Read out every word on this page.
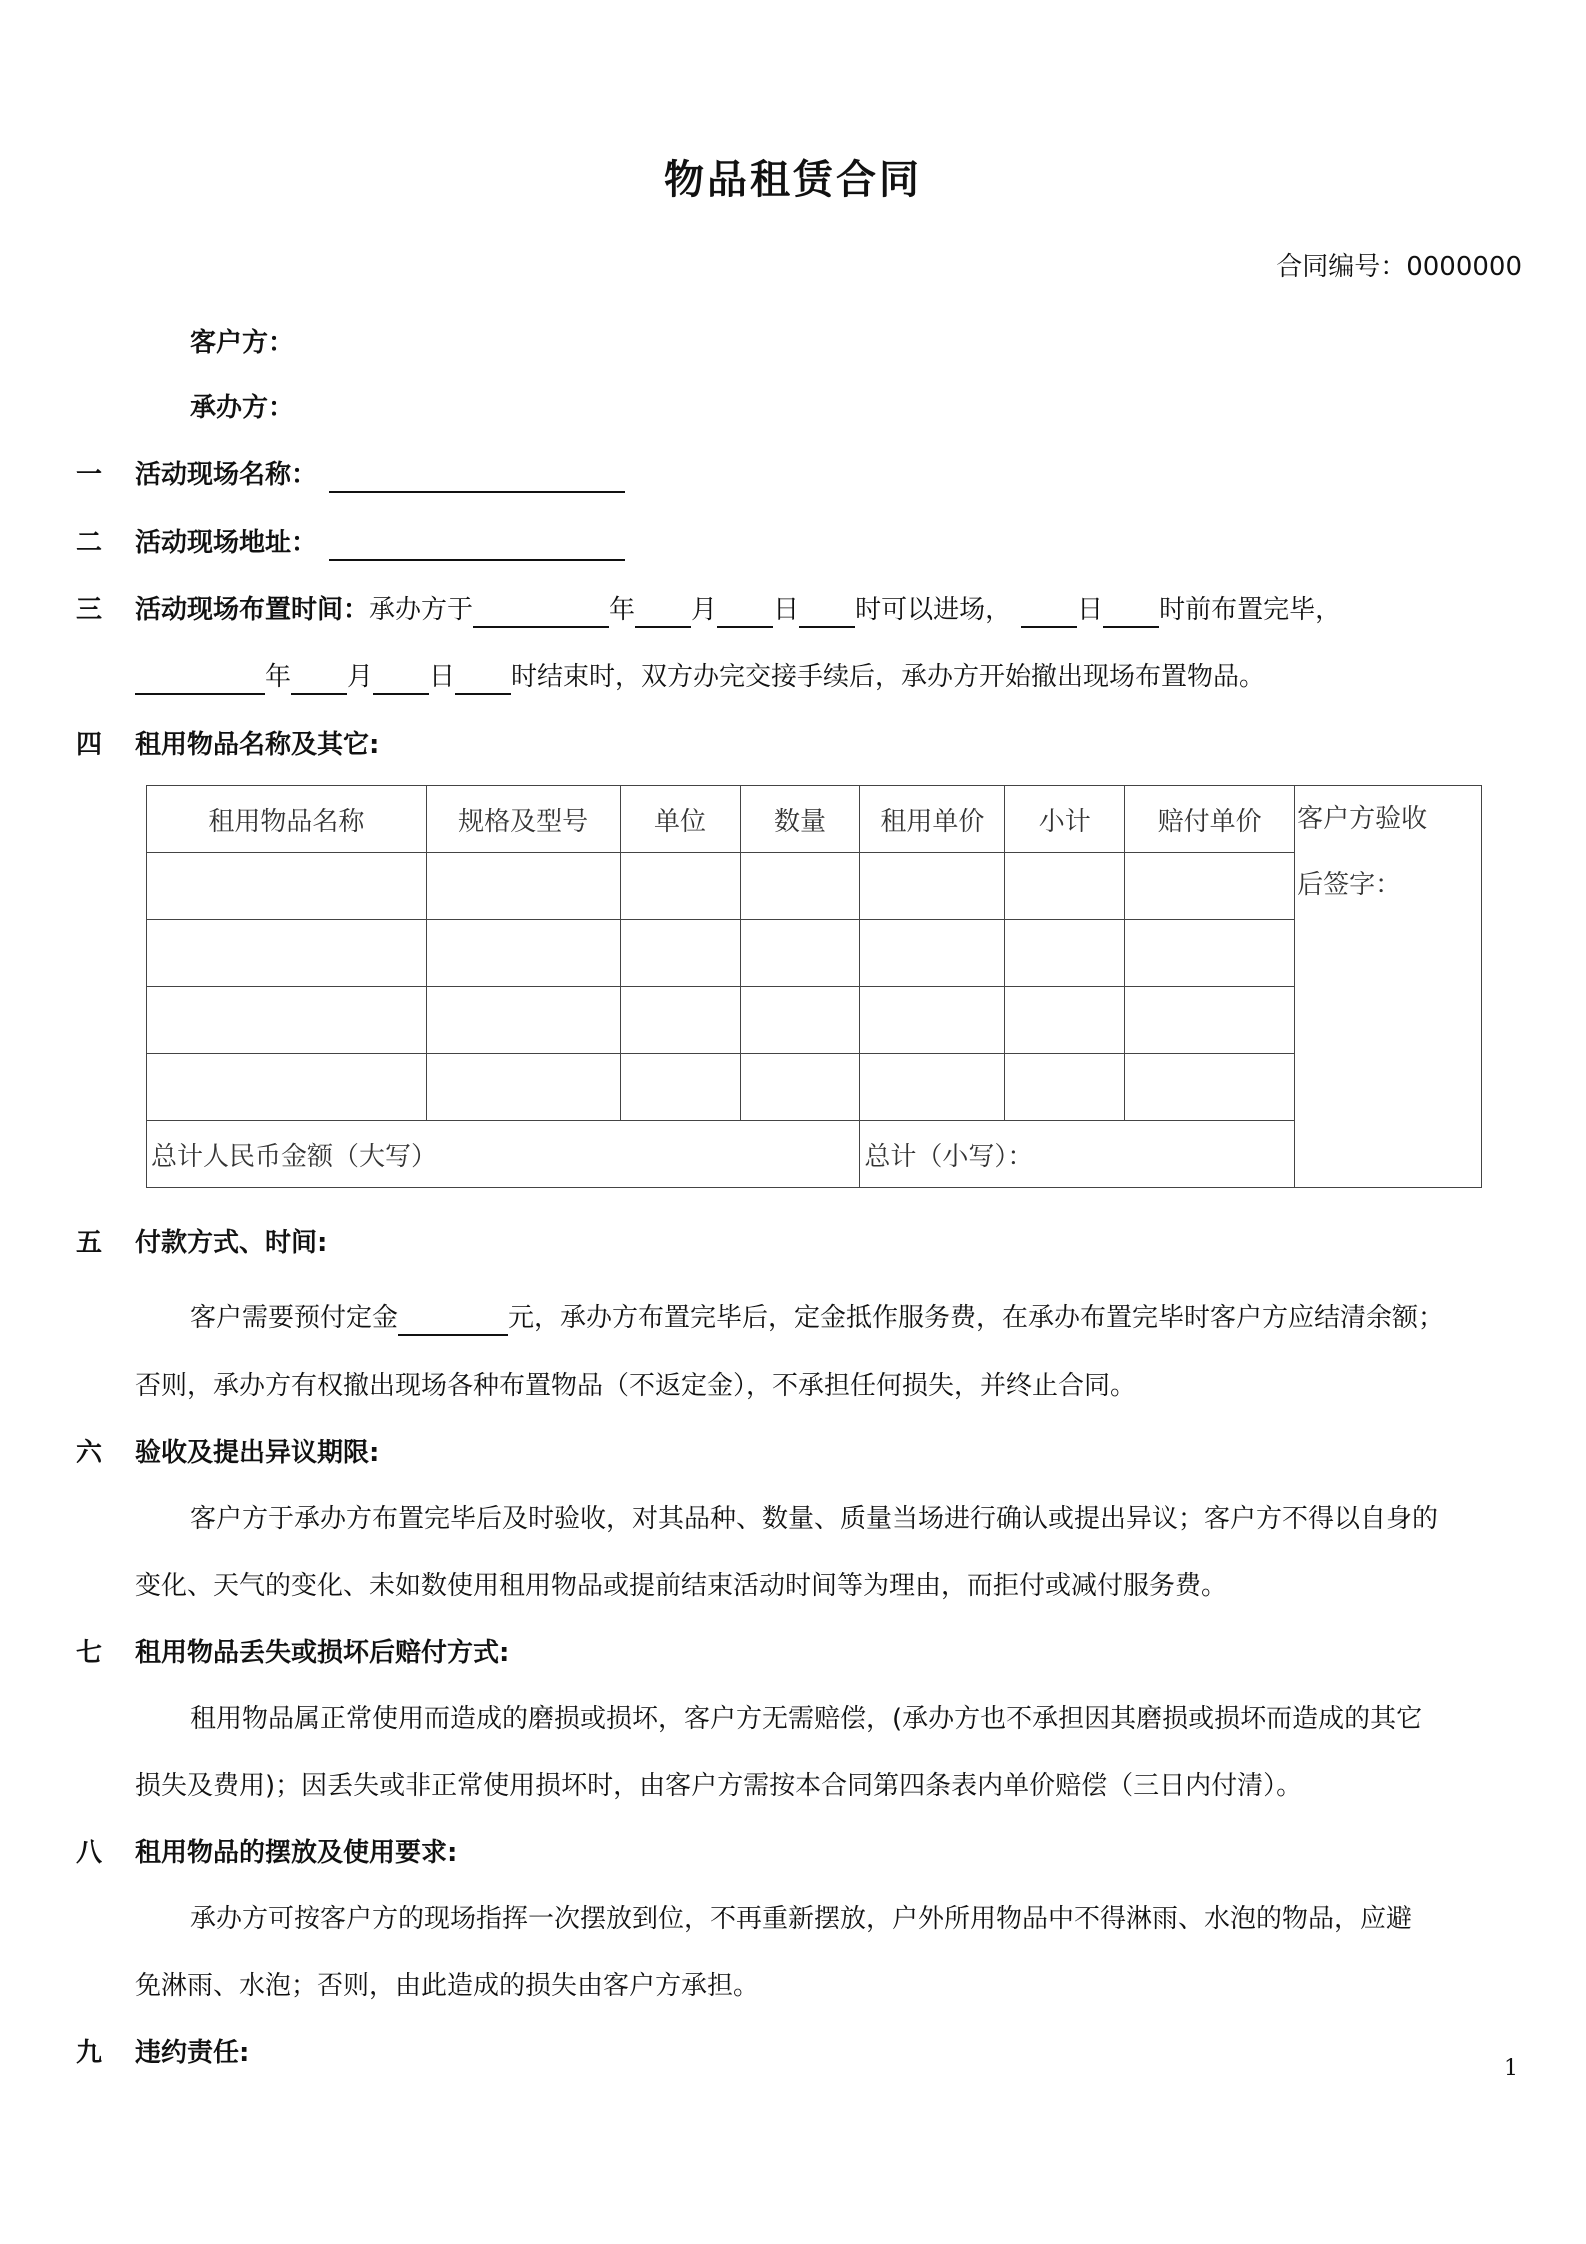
物品租赁合同
合同编号：0000000
客户方：
承办方：
一 活动现场名称：
二 活动现场地址：
三 活动现场布置时间：承办方于	年 月 日 时可以进场，	日 时前布置完毕，
年 月 日 时结束时，双方办完交接手续后，承办方开始撤出现场布置物品。
四 租用物品名称及其它:
租用物品名称	规格及型号	单位	数量	租用单价	小计	赔付单价	客户方验收
后签字：

总计人民币金额（大写）				总计（小写）：			
五 付款方式、时间:
客户需要预付定金	元，承办方布置完毕后，定金抵作服务费，在承办布置完毕时客户方应结清余额；
否则，承办方有权撤出现场各种布置物品（不返定金），不承担任何损失，并终止合同。
六 验收及提出异议期限:
客户方于承办方布置完毕后及时验收，对其品种、数量、质量当场进行确认或提出异议；客户方不得以自身的
变化、天气的变化、未如数使用租用物品或提前结束活动时间等为理由，而拒付或减付服务费。
七 租用物品丢失或损坏后赔付方式:
租用物品属正常使用而造成的磨损或损坏，客户方无需赔偿，(承办方也不承担因其磨损或损坏而造成的其它
损失及费用)；因丢失或非正常使用损坏时，由客户方需按本合同第四条表内单价赔偿（三日内付清）。
八 租用物品的摆放及使用要求:
承办方可按客户方的现场指挥一次摆放到位，不再重新摆放，户外所用物品中不得淋雨、水泡的物品，应避
免淋雨、水泡；否则，由此造成的损失由客户方承担。
九 违约责任:
1
